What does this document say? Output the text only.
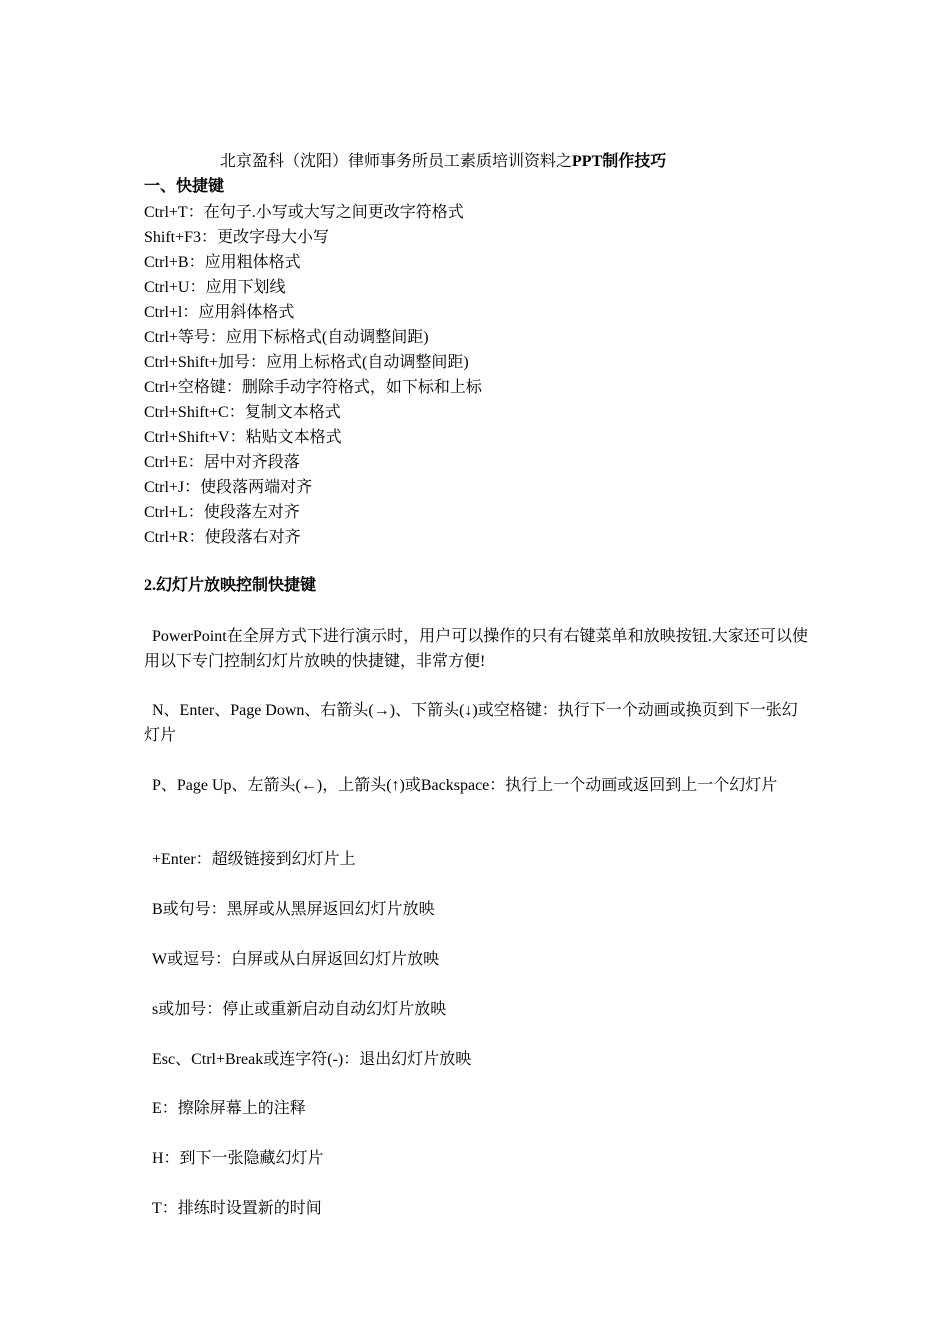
北京盈科（沈阳）律师事务所员工素质培训资料之PPT制作技巧
一、快捷键
Ctrl+T：在句子.小写或大写之间更改字符格式
Shift+F3：更改字母大小写
Ctrl+B：应用粗体格式
Ctrl+U：应用下划线
Ctrl+l：应用斜体格式
Ctrl+等号：应用下标格式(自动调整间距)
Ctrl+Shift+加号：应用上标格式(自动调整间距)
Ctrl+空格键：删除手动字符格式，如下标和上标
Ctrl+Shift+C：复制文本格式
Ctrl+Shift+V：粘贴文本格式
Ctrl+E：居中对齐段落
Ctrl+J：使段落两端对齐
Ctrl+L：使段落左对齐
Ctrl+R：使段落右对齐
2.幻灯片放映控制快捷键
PowerPoint在全屏方式下进行演示时，用户可以操作的只有右键菜单和放映按钮.大家还可以使用以下专门控制幻灯片放映的快捷键，非常方便!
N、Enter、Page Down、右箭头(→)、下箭头(↓)或空格键：执行下一个动画或换页到下一张幻灯片
P、Page Up、左箭头(←)，上箭头(↑)或Backspace：执行上一个动画或返回到上一个幻灯片
+Enter：超级链接到幻灯片上
B或句号：黑屏或从黑屏返回幻灯片放映
W或逗号：白屏或从白屏返回幻灯片放映
s或加号：停止或重新启动自动幻灯片放映
Esc、Ctrl+Break或连字符(-)：退出幻灯片放映
E：擦除屏幕上的注释
H：到下一张隐藏幻灯片
T：排练时设置新的时间
